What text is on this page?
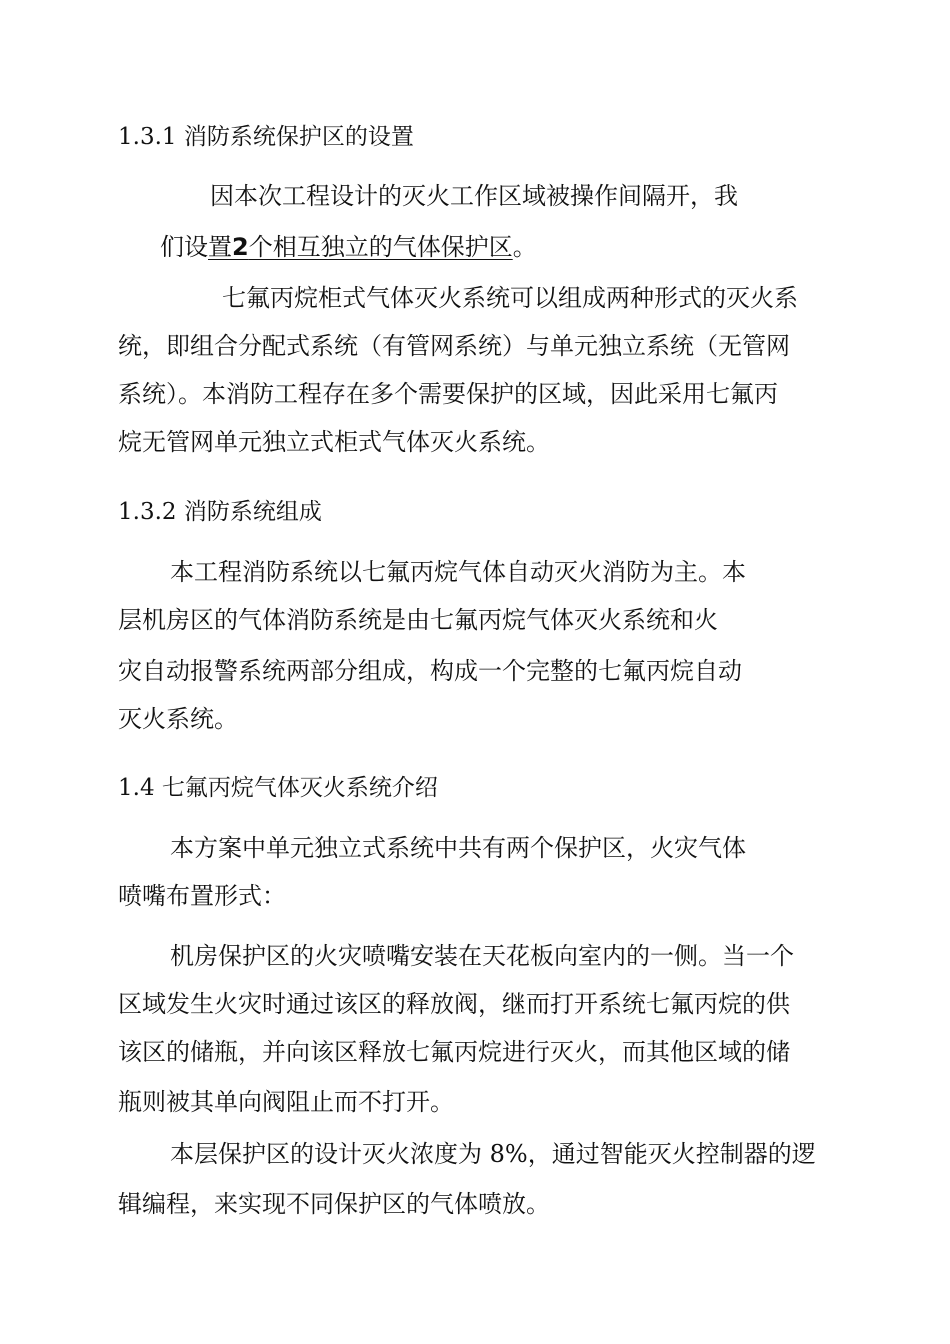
1.3.1 消防系统保护区的设置
因本次工程设计的灭火工作区域被操作间隔开，我
们设置2个相互独立的气体保护区。
七氟丙烷柜式气体灭火系统可以组成两种形式的灭火系
统，即组合分配式系统（有管网系统）与单元独立系统（无管网
系统）。本消防工程存在多个需要保护的区域，因此采用七氟丙
烷无管网单元独立式柜式气体灭火系统。
1.3.2 消防系统组成
本工程消防系统以七氟丙烷气体自动灭火消防为主。本
层机房区的气体消防系统是由七氟丙烷气体灭火系统和火
灾自动报警系统两部分组成，构成一个完整的七氟丙烷自动
灭火系统。
1.4 七氟丙烷气体灭火系统介绍
本方案中单元独立式系统中共有两个保护区，火灾气体
喷嘴布置形式：
机房保护区的火灾喷嘴安装在天花板向室内的一侧。当一个
区域发生火灾时通过该区的释放阀，继而打开系统七氟丙烷的供
该区的储瓶，并向该区释放七氟丙烷进行灭火，而其他区域的储
瓶则被其单向阀阻止而不打开。
本层保护区的设计灭火浓度为 8%，通过智能灭火控制器的逻
辑编程，来实现不同保护区的气体喷放。
